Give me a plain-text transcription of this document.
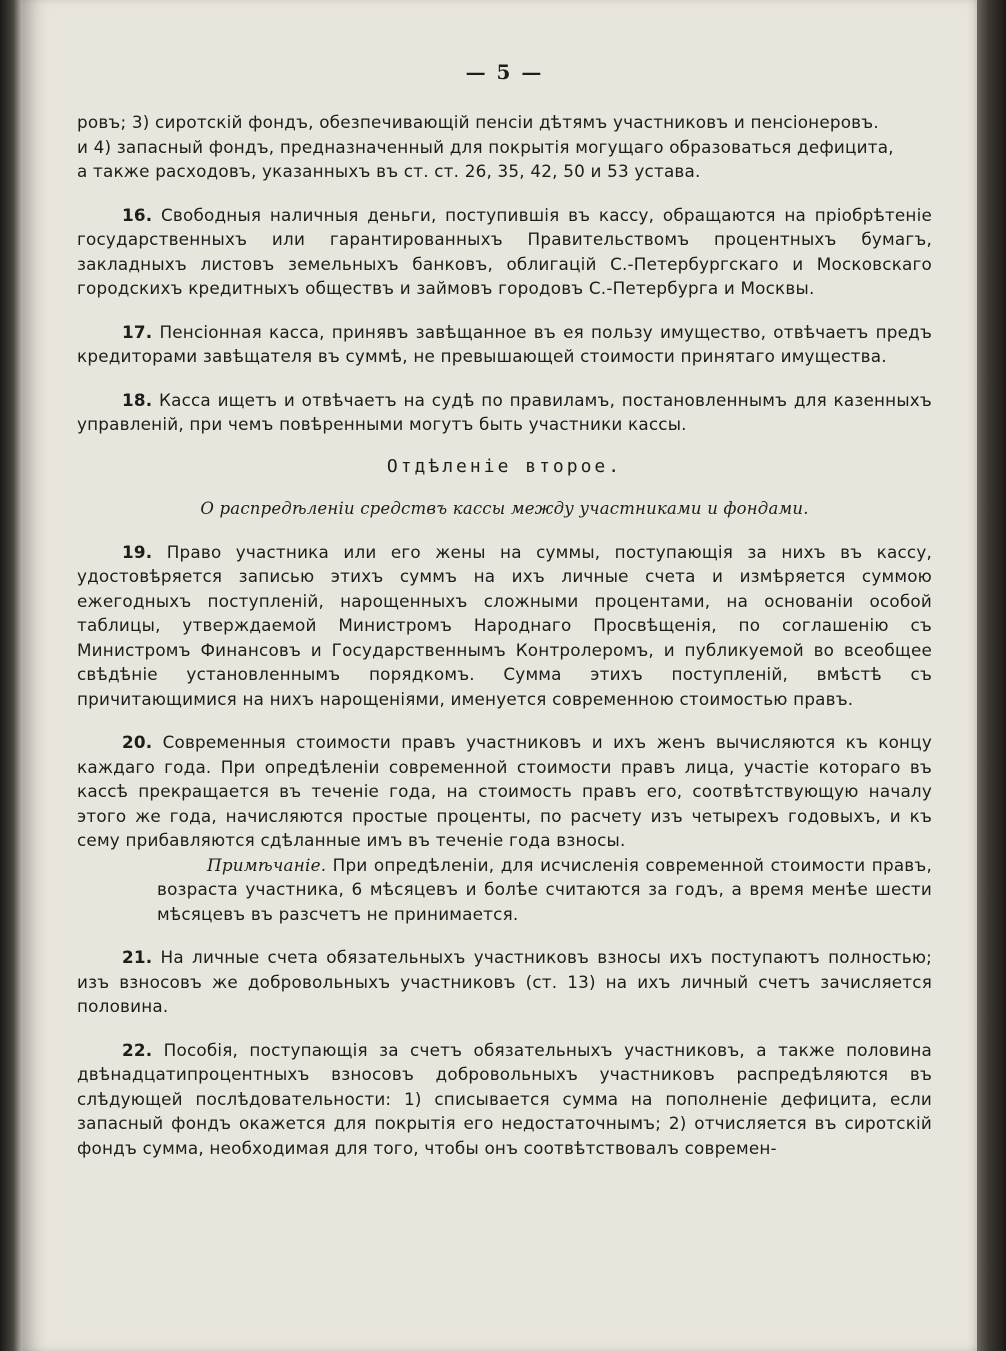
— 5 —

ровъ; 3) сиротскій фондъ, обезпечивающій пенсіи дѣтямъ участниковъ и пенсіонеровъ.

и 4) запасный фондъ, предназначенный для покрытія могущаго образоваться дефицита,

а также расходовъ, указанныхъ въ ст. ст. 26, 35, 42, 50 и 53 устава.

16. Свободныя наличныя деньги, поступившія въ кассу, обращаются на пріобрѣтеніе государственныхъ или гарантированныхъ Правительствомъ процентныхъ бумагъ, закладныхъ листовъ земельныхъ банковъ, облигацій С.-Петербургскаго и Московскаго городскихъ кредитныхъ обществъ и займовъ городовъ С.-Петербурга и Москвы.

17. Пенсіонная касса, принявъ завѣщанное въ ея пользу имущество, отвѣчаетъ предъ кредиторами завѣщателя въ суммѣ, не превышающей стоимости принятаго имущества.

18. Касса ищетъ и отвѣчаетъ на судѣ по правиламъ, постановленнымъ для казенныхъ управленій, при чемъ повѣренными могутъ быть участники кассы.

Отдѣленіе второе.
О распредѣленіи средствъ кассы между участниками и фондами.

19. Право участника или его жены на суммы, поступающія за нихъ въ кассу, удостовѣряется записью этихъ суммъ на ихъ личные счета и измѣряется суммою ежегодныхъ поступленій, нарощенныхъ сложными процентами, на основаніи особой таблицы, утверждаемой Министромъ Народнаго Просвѣщенія, по соглашенію съ Министромъ Финансовъ и Государственнымъ Контролеромъ, и публикуемой во всеобщее свѣдѣніе установленнымъ порядкомъ. Сумма этихъ поступленій, вмѣстѣ съ причитающимися на нихъ нарощеніями, именуется современною стоимостью правъ.

20. Современныя стоимости правъ участниковъ и ихъ женъ вычисляются къ концу каждаго года. При опредѣленіи современной стоимости правъ лица, участіе котораго въ кассѣ прекращается въ теченіе года, на стоимость правъ его, соотвѣтствующую началу этого же года, начисляются простые проценты, по расчету изъ четырехъ годовыхъ, и къ сему прибавляются сдѣланные имъ въ теченіе года взносы.

Примѣчаніе. При опредѣленіи, для исчисленія современной стоимости правъ, возраста участника, 6 мѣсяцевъ и болѣе считаются за годъ, а время менѣе шести мѣсяцевъ въ разсчетъ не принимается.

21. На личные счета обязательныхъ участниковъ взносы ихъ поступаютъ полностью; изъ взносовъ же добровольныхъ участниковъ (ст. 13) на ихъ личный счетъ зачисляется половина.

22. Пособія, поступающія за счетъ обязательныхъ участниковъ, а также половина двѣнадцатипроцентныхъ взносовъ добровольныхъ участниковъ распредѣляются въ слѣдующей послѣдовательности: 1) списывается сумма на пополненіе дефицита, если запасный фондъ окажется для покрытія его недостаточнымъ; 2) отчисляется въ сиротскій фондъ сумма, необходимая для того, чтобы онъ соотвѣтствовалъ современ-
